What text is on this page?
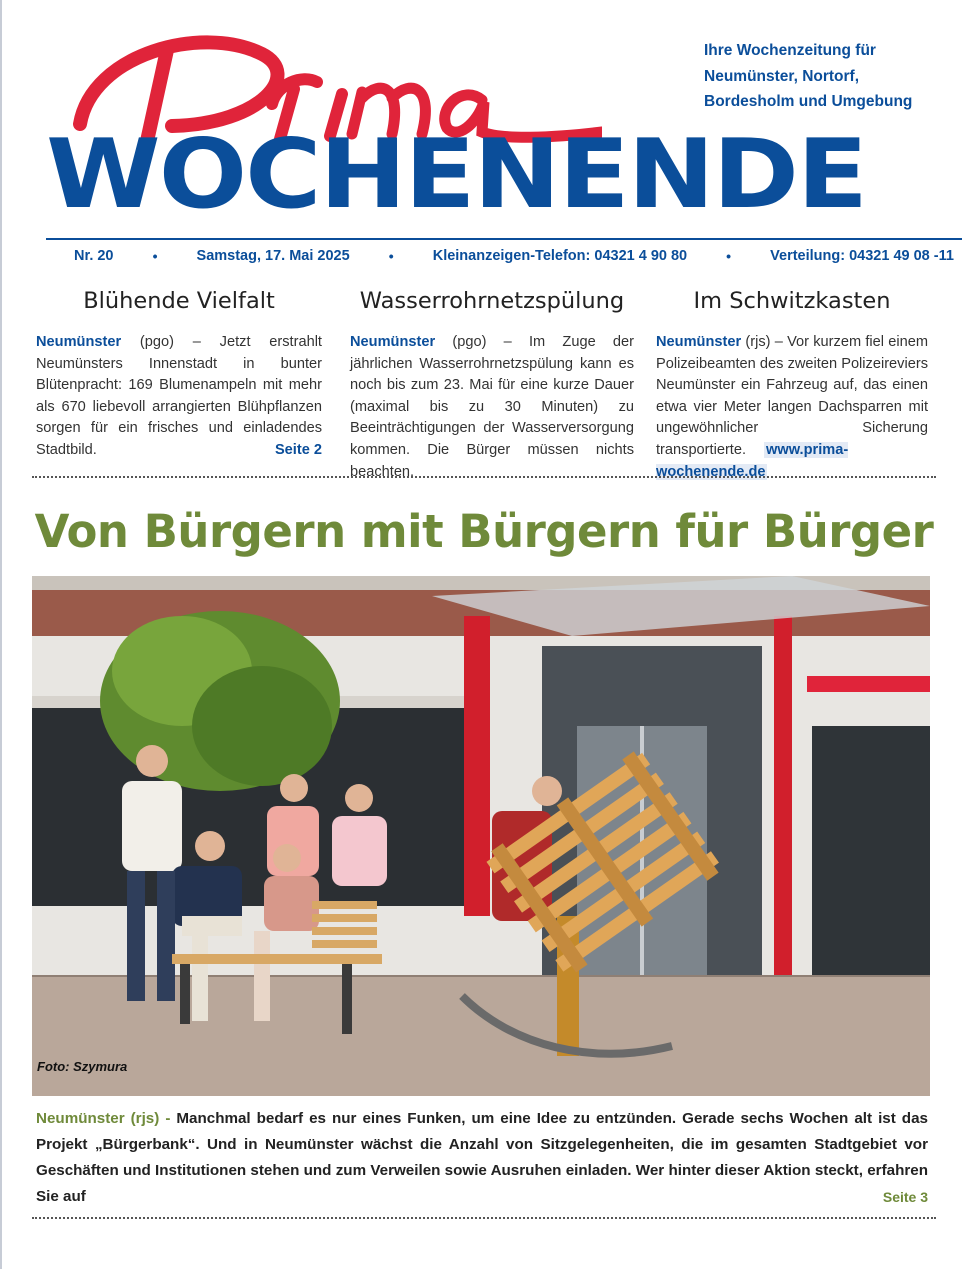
Prima
WOCHENENDE
Ihre Wochenzeitung für
Neumünster, Nortorf,
Bordesholm und Umgebung
Nr. 20	•	Samstag, 17. Mai 2025	•	Kleinanzeigen-Telefon: 04321 4 90 80	•	Verteilung: 04321 49 08 -11
Blühende Vielfalt

Neumünster (pgo) – Jetzt erstrahlt Neumünsters Innenstadt in bunter Blütenpracht: 169 Blumenampeln mit mehr als 670 liebevoll arrangierten Blühpflanzen sorgen für ein frisches und einladendes Stadtbild.	Seite 2

Wasserrohrnetzspülung

Neumünster (pgo) – Im Zuge der jährlichen Wasserrohrnetzspülung kann es noch bis zum 23. Mai für eine kurze Dauer (maximal bis zu 30 Minuten) zu Beeinträchtigungen der Wasserversorgung kommen. Die Bürger müssen nichts beachten.

Im Schwitzkasten

Neumünster (rjs) – Vor kurzem fiel einem Polizeibeamten des zweiten Polizeireviers Neumünster ein Fahrzeug auf, das einen etwa vier Meter langen Dachsparren mit ungewöhnlicher Sicherung transportierte. www.prima-wochenende.de

Von Bürgern mit Bürgern für Bürger
Foto: Szymura

Neumünster (rjs) - Manchmal bedarf es nur eines Funken, um eine Idee zu entzünden. Gerade sechs Wochen alt ist das Projekt „Bürgerbank“. Und in Neumünster wächst die Anzahl von Sitzgelegenheiten, die im gesamten Stadtgebiet vor Geschäften und Institutionen stehen und zum Verweilen sowie Ausruhen einladen. Wer hinter dieser Aktion steckt, erfahren Sie auf	Seite 3
